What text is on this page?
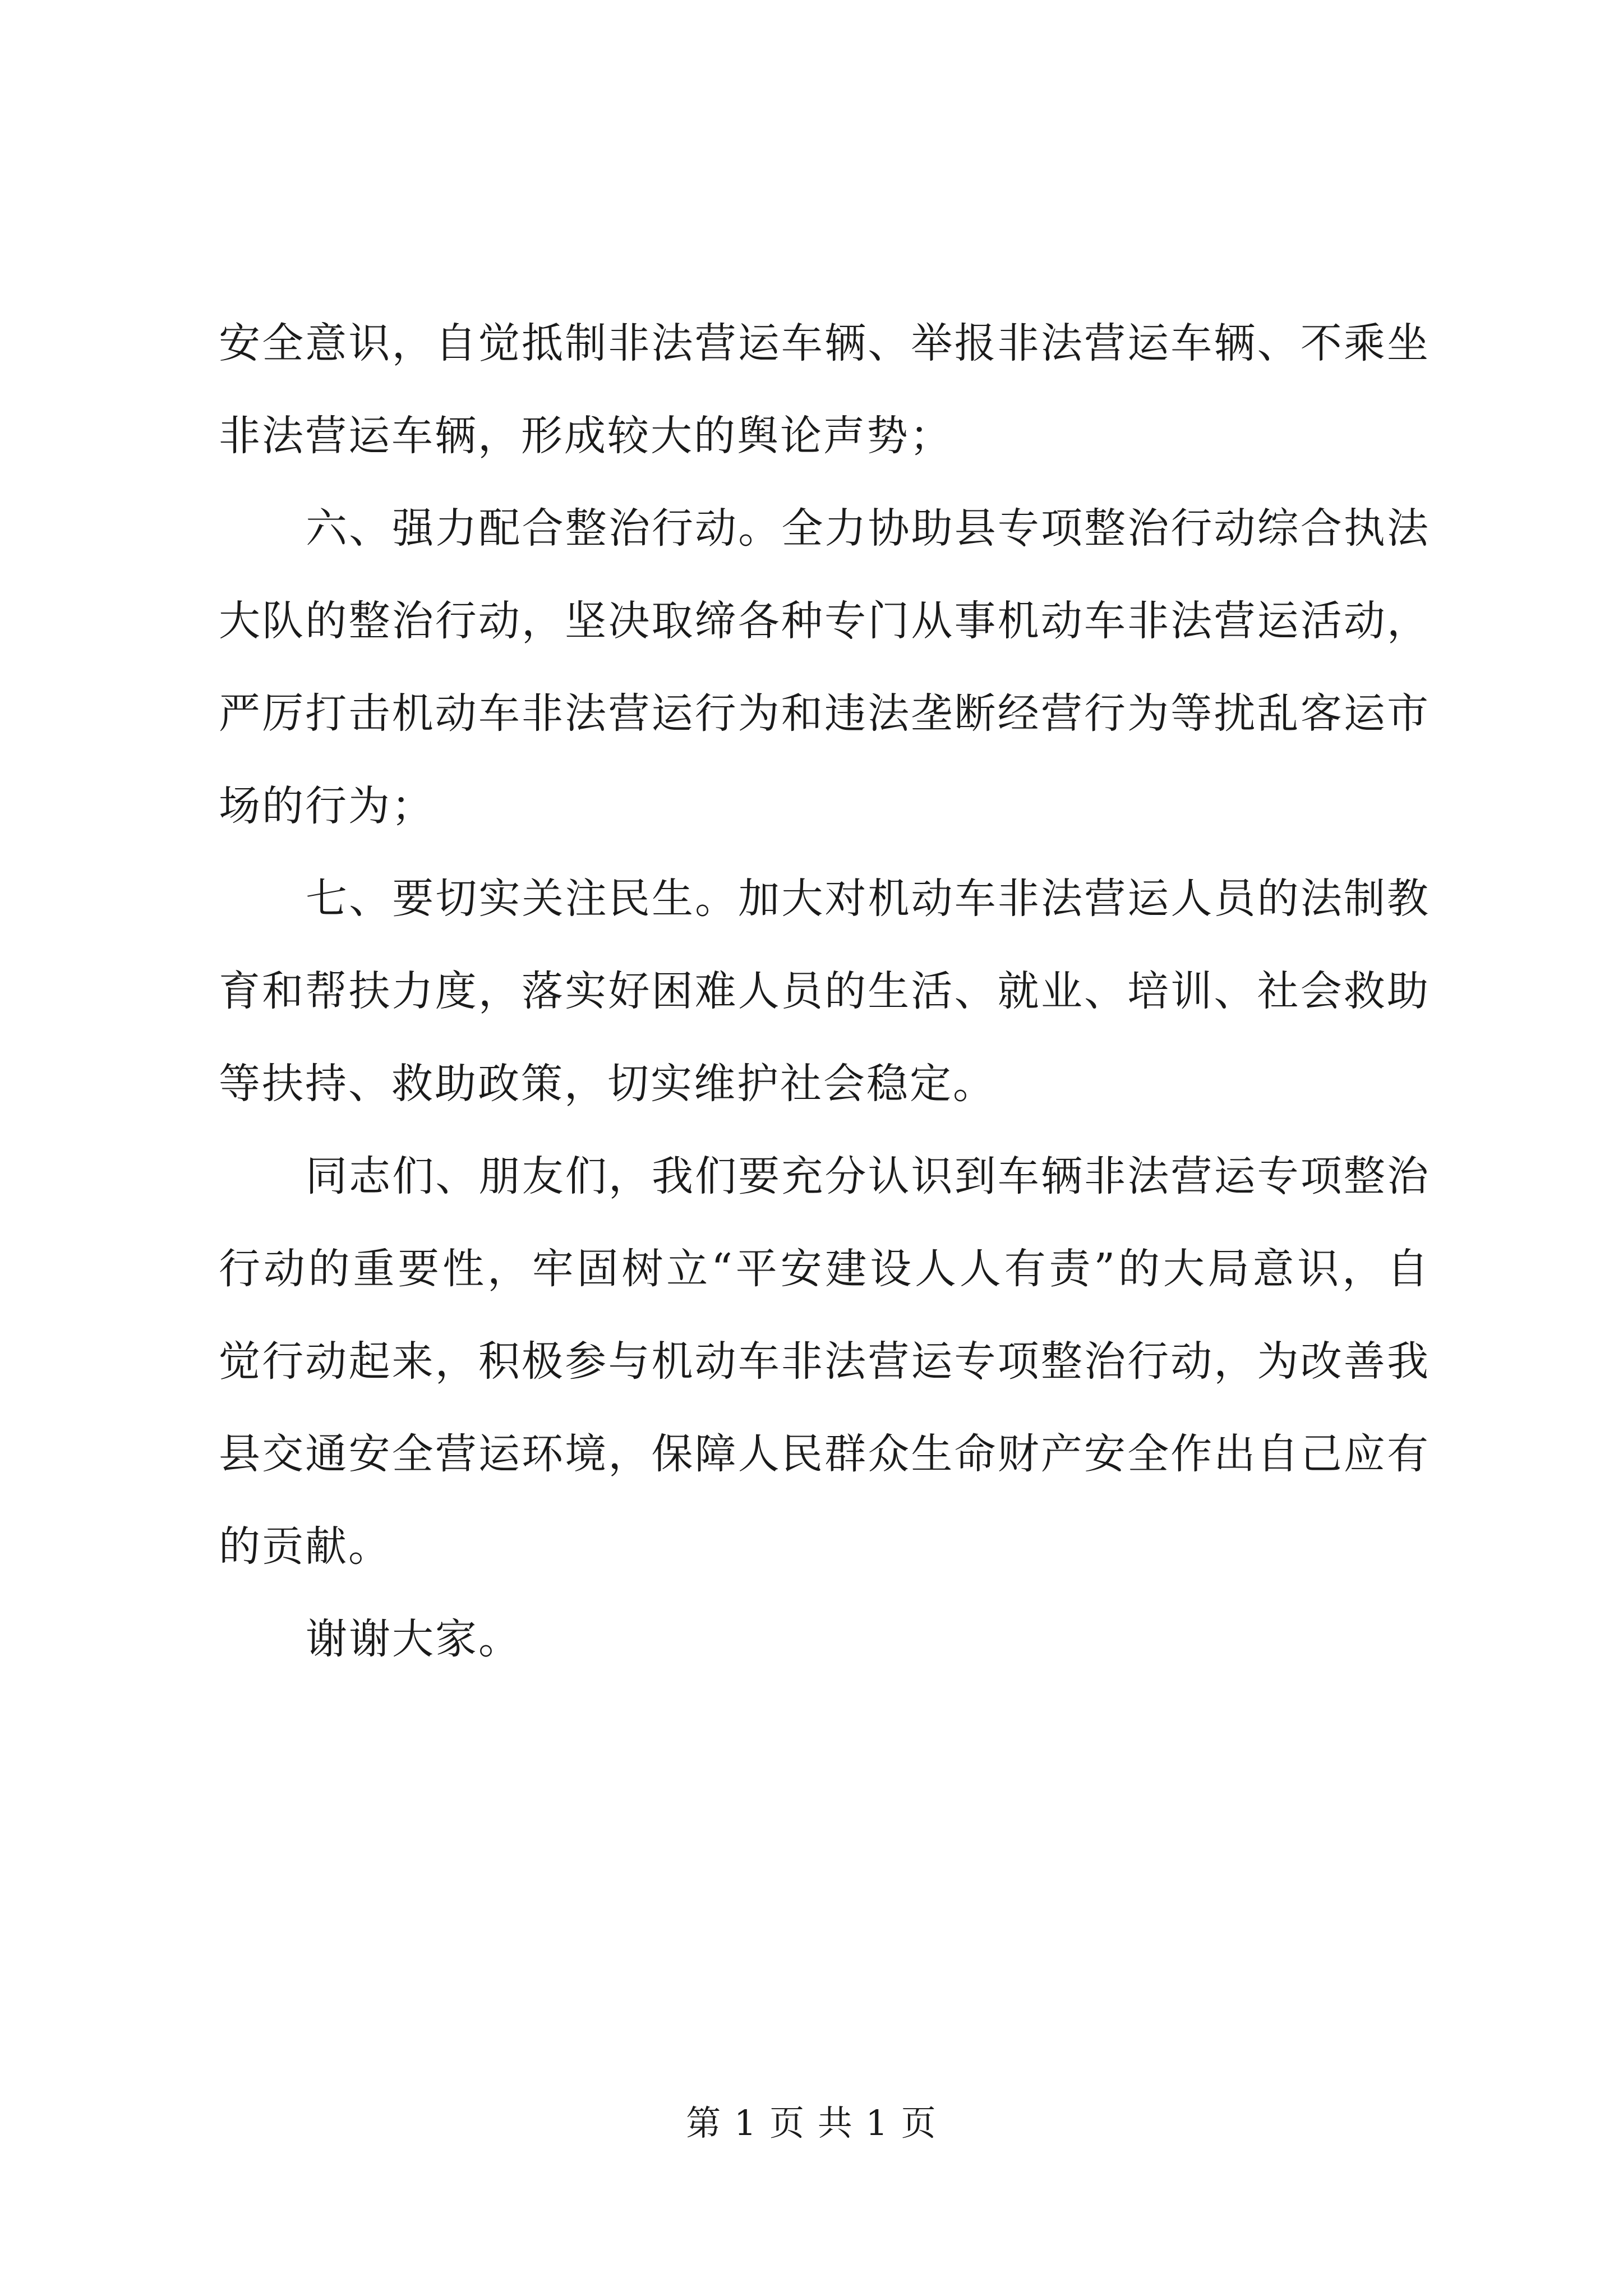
安全意识，自觉抵制非法营运车辆、举报非法营运车辆、不乘坐非法营运车辆，形成较大的舆论声势；

六、强力配合整治行动。全力协助县专项整治行动综合执法大队的整治行动，坚决取缔各种专门从事机动车非法营运活动，严厉打击机动车非法营运行为和违法垄断经营行为等扰乱客运市场的行为；

七、要切实关注民生。加大对机动车非法营运人员的法制教育和帮扶力度，落实好困难人员的生活、就业、培训、社会救助等扶持、救助政策，切实维护社会稳定。

同志们、朋友们，我们要充分认识到车辆非法营运专项整治行动的重要性，牢固树立“平安建设人人有责”的大局意识，自觉行动起来，积极参与机动车非法营运专项整治行动，为改善我县交通安全营运环境，保障人民群众生命财产安全作出自己应有的贡献。

谢谢大家。

第 1 页 共 1 页
